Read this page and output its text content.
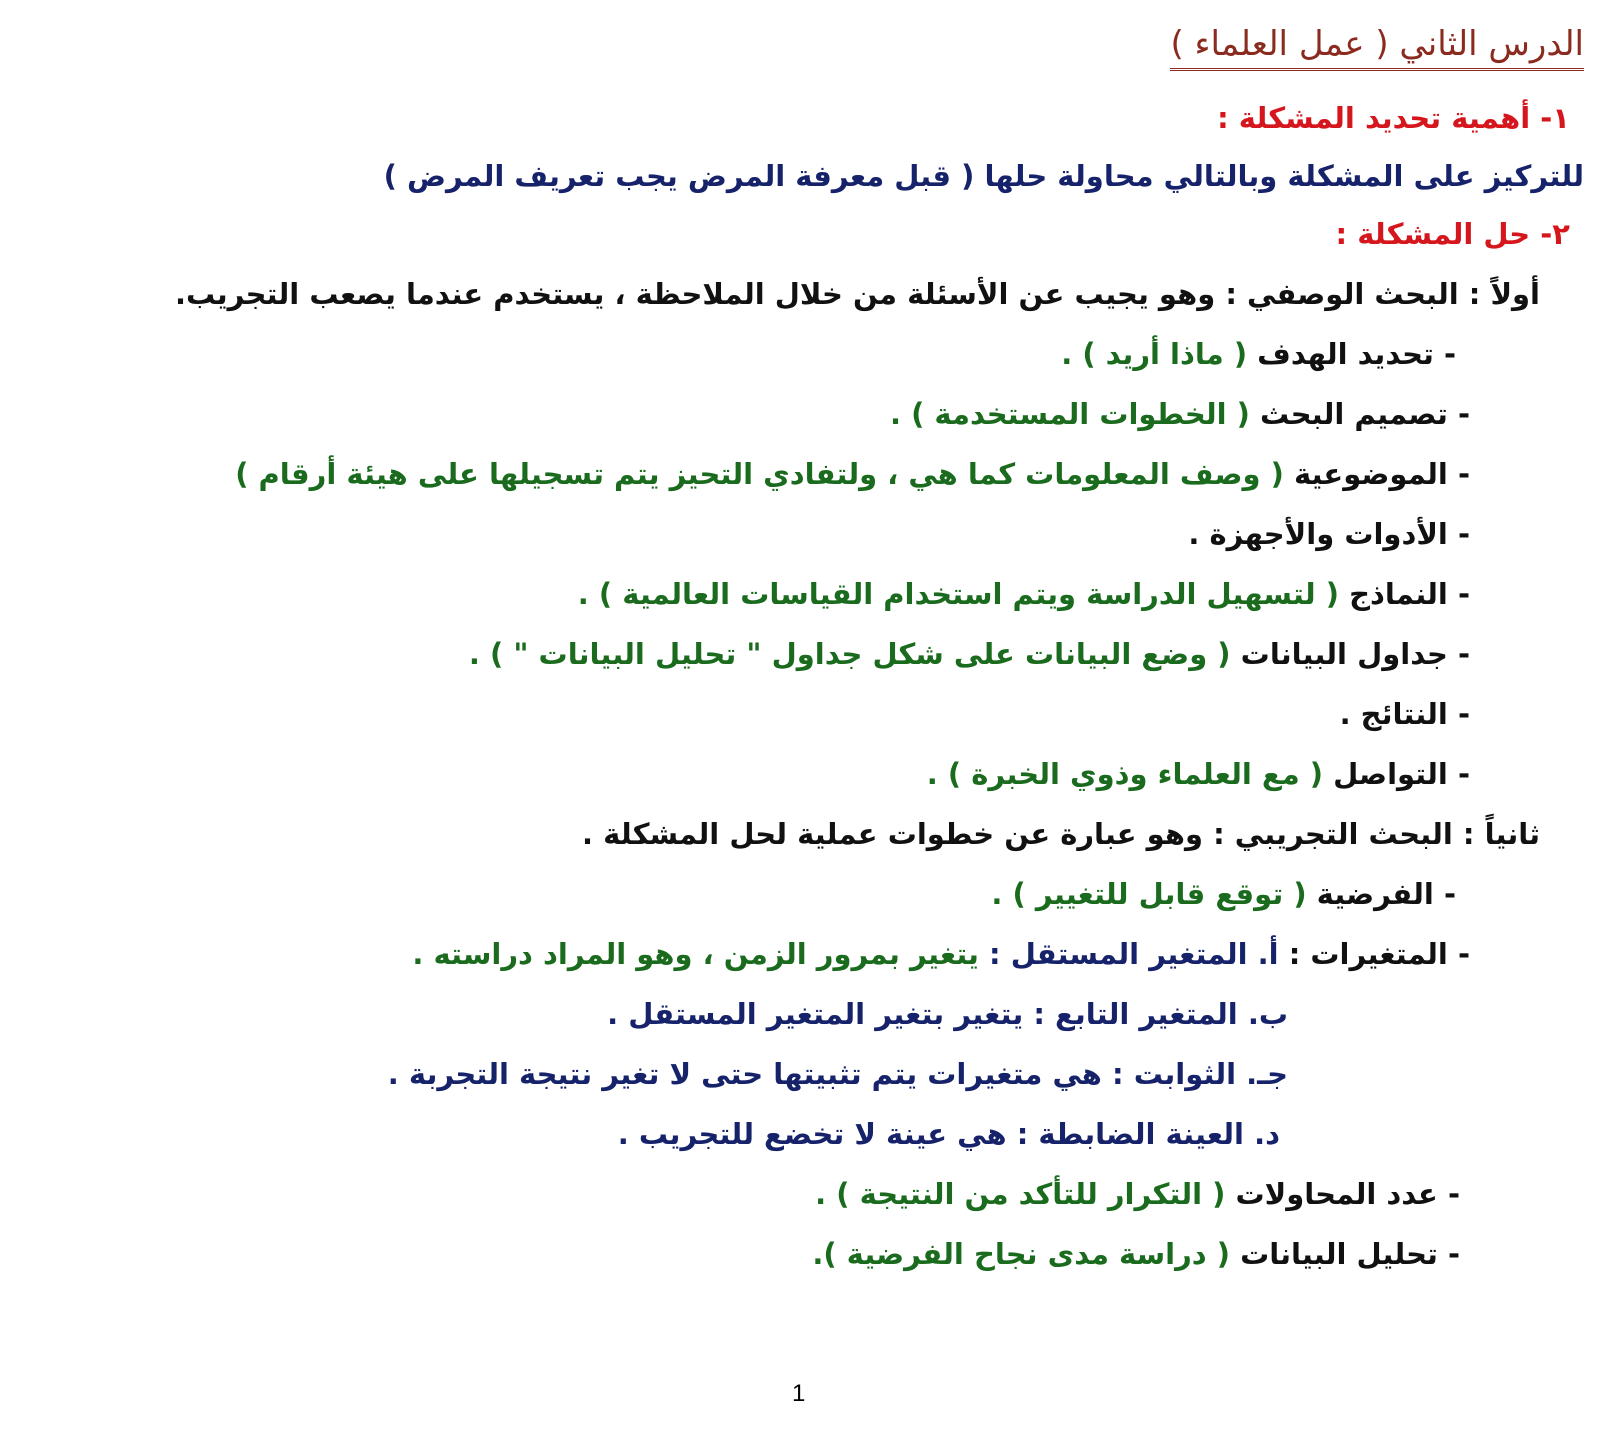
الدرس الثاني ( عمل العلماء )
١- أهمية تحديد المشكلة :
للتركيز على المشكلة وبالتالي محاولة حلها ( قبل معرفة المرض يجب تعريف المرض )
٢- حل المشكلة :
أولاً : البحث الوصفي : وهو يجيب عن الأسئلة من خلال الملاحظة ، يستخدم عندما يصعب التجريب.
- تحديد الهدف ( ماذا أريد ) .
- تصميم البحث ( الخطوات المستخدمة ) .
- الموضوعية ( وصف المعلومات كما هي ، ولتفادي التحيز يتم تسجيلها على هيئة أرقام )
- الأدوات والأجهزة .
- النماذج ( لتسهيل الدراسة ويتم استخدام القياسات العالمية ) .
- جداول البيانات ( وضع البيانات على شكل جداول " تحليل البيانات " ) .
- النتائج .
- التواصل ( مع العلماء وذوي الخبرة ) .
ثانياً : البحث التجريبي : وهو عبارة عن خطوات عملية لحل المشكلة .
- الفرضية ( توقع قابل للتغيير ) .
- المتغيرات : أ. المتغير المستقل : يتغير بمرور الزمن ، وهو المراد دراسته .
ب. المتغير التابع : يتغير بتغير المتغير المستقل .
جـ. الثوابت : هي متغيرات يتم تثبيتها حتى لا تغير نتيجة التجربة .
د. العينة الضابطة : هي عينة لا تخضع للتجريب .
- عدد المحاولات ( التكرار للتأكد من النتيجة ) .
- تحليل البيانات ( دراسة مدى نجاح الفرضية ).
1
